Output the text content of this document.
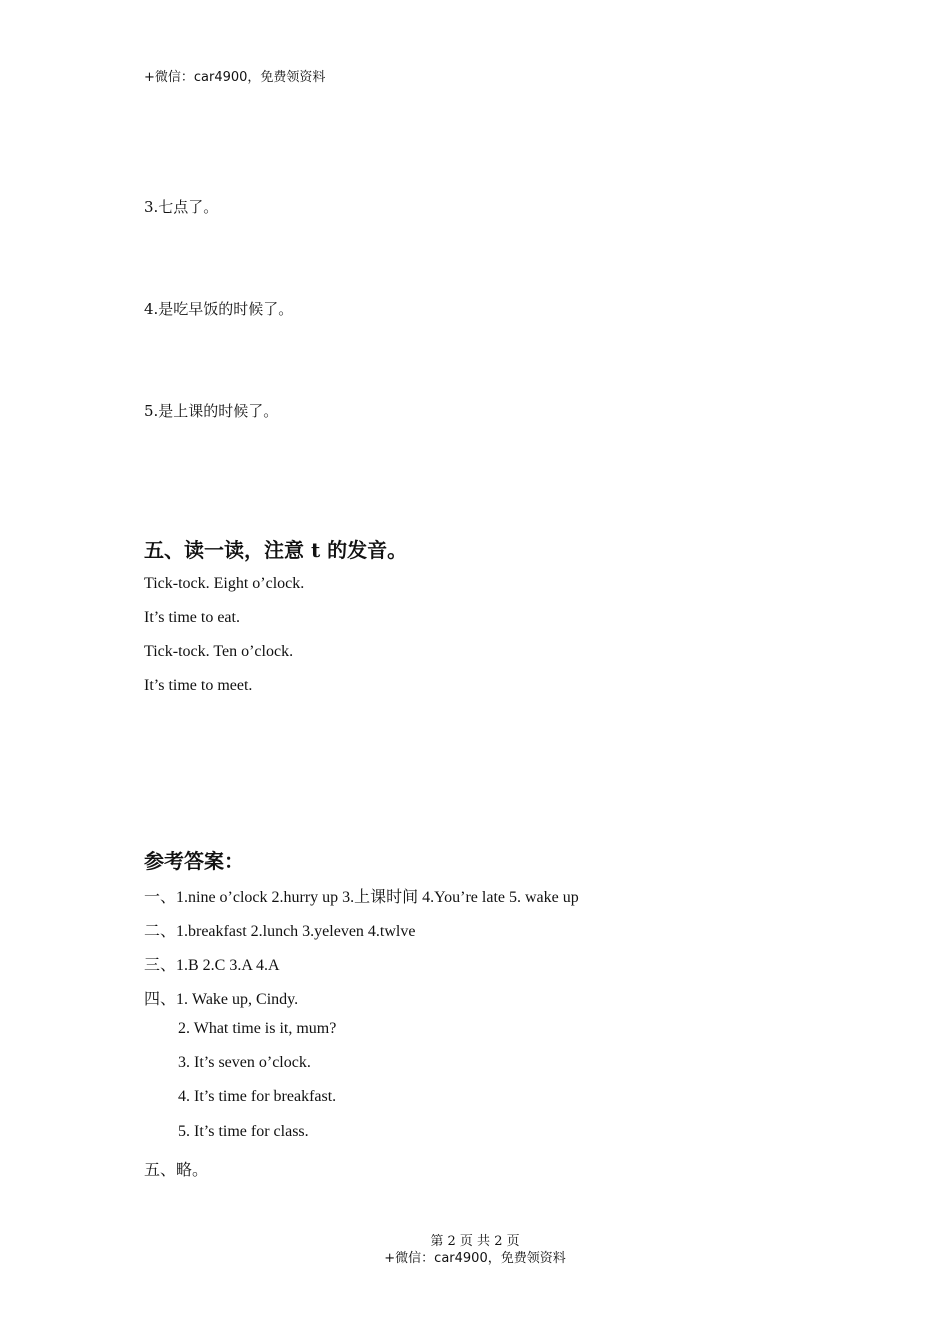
+微信：car4900，免费领资料
3.七点了。
4.是吃早饭的时候了。
5.是上课的时候了。
五、读一读，注意 t 的发音。
Tick-tock. Eight o’clock.
It’s time to eat.
Tick-tock. Ten o’clock.
It’s time to meet.
参考答案：
一、1.nine o’clock 2.hurry up 3.上课时间 4.You’re late 5. wake up
二、1.breakfast 2.lunch 3.yeleven 4.twlve
三、1.B 2.C 3.A 4.A
四、1. Wake up, Cindy.
2. What time is it, mum?
3. It’s seven o’clock.
4. It’s time for breakfast.
5. It’s time for class.
五、略。
第 2 页 共 2 页
+微信：car4900，免费领资料
